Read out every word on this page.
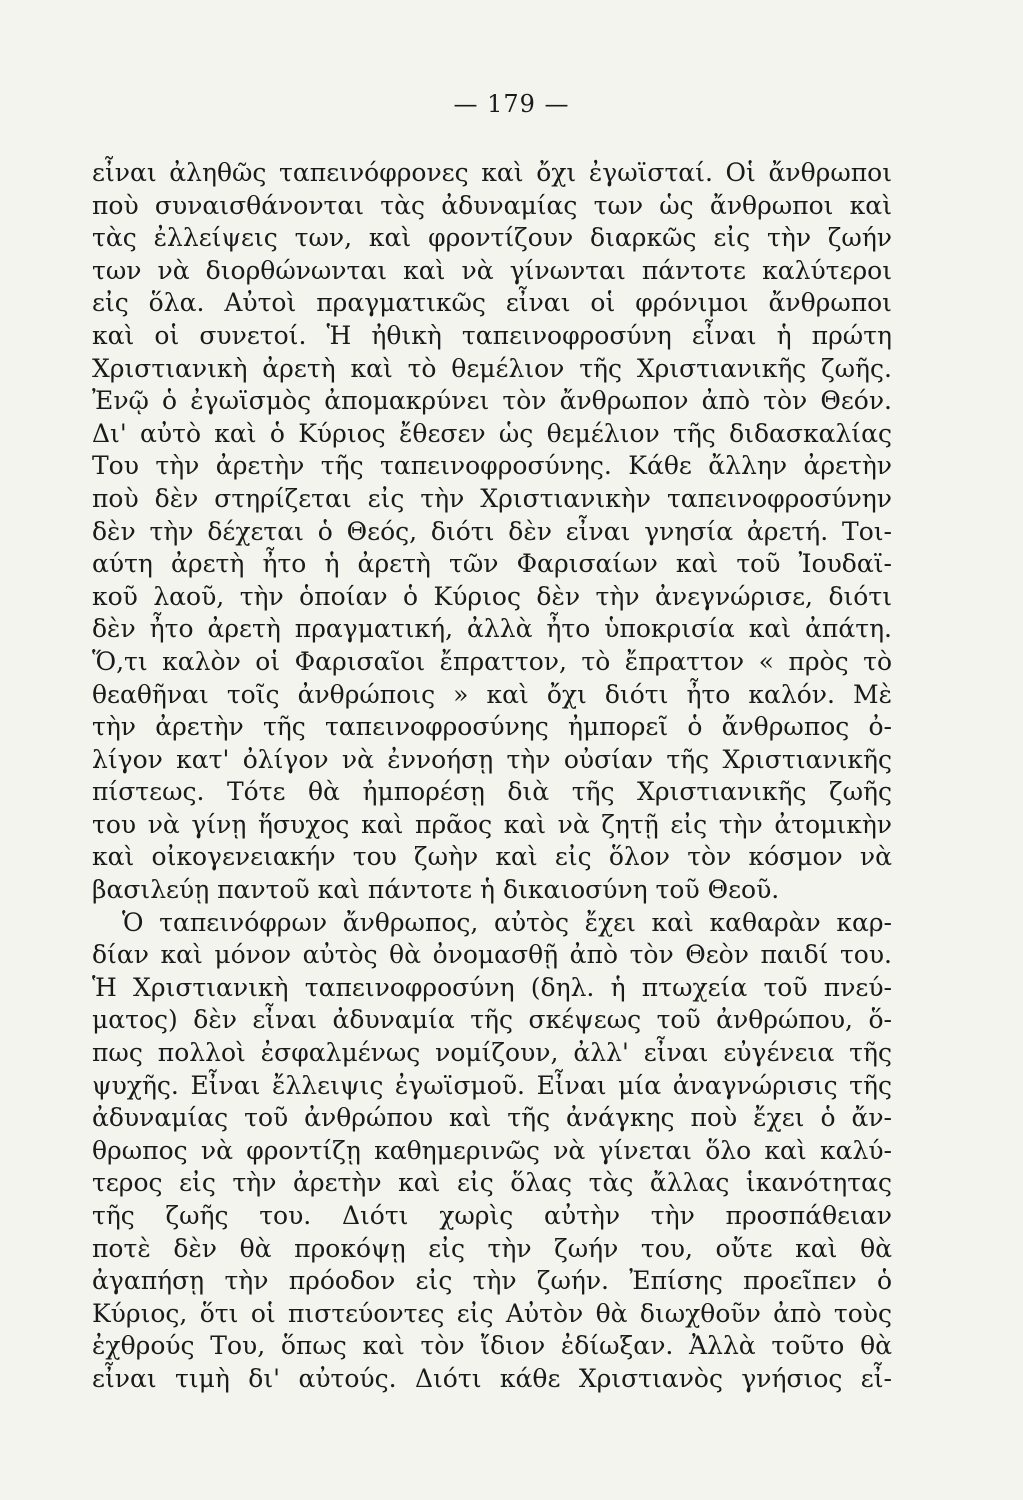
— 179 —
εἶναι ἀληθῶς ταπεινόφρονες καὶ ὄχι ἐγωϊσταί. Οἱ ἄνθρωποι
ποὺ συναισθάνονται τὰς ἀδυναμίας των ὡς ἄνθρωποι καὶ
τὰς ἐλλείψεις των, καὶ φροντίζουν διαρκῶς εἰς τὴν ζωήν
των νὰ διορθώνωνται καὶ νὰ γίνωνται πάντοτε καλύτεροι
εἰς ὅλα. Αὐτοὶ πραγματικῶς εἶναι οἱ φρόνιμοι ἄνθρωποι
καὶ οἱ συνετοί. Ἡ ἠθικὴ ταπεινοφροσύνη εἶναι ἡ πρώτη
Χριστιανικὴ ἀρετὴ καὶ τὸ θεμέλιον τῆς Χριστιανικῆς ζωῆς.
Ἐνῷ ὁ ἐγωϊσμὸς ἀπομακρύνει τὸν ἄνθρωπον ἀπὸ τὸν Θεόν.
Δι' αὐτὸ καὶ ὁ Κύριος ἔθεσεν ὡς θεμέλιον τῆς διδασκαλίας
Του τὴν ἀρετὴν τῆς ταπεινοφροσύνης. Κάθε ἄλλην ἀρετὴν
ποὺ δὲν στηρίζεται εἰς τὴν Χριστιανικὴν ταπεινοφροσύνην
δὲν τὴν δέχεται ὁ Θεός, διότι δὲν εἶναι γνησία ἀρετή. Τοι-
αύτη ἀρετὴ ἦτο ἡ ἀρετὴ τῶν Φαρισαίων καὶ τοῦ Ἰουδαϊ-
κοῦ λαοῦ, τὴν ὁποίαν ὁ Κύριος δὲν τὴν ἀνεγνώρισε, διότι
δὲν ἦτο ἀρετὴ πραγματική, ἀλλὰ ἦτο ὑποκρισία καὶ ἀπάτη.
Ὅ,τι καλὸν οἱ Φαρισαῖοι ἔπραττον, τὸ ἔπραττον « πρὸς τὸ
θεαθῆναι τοῖς ἀνθρώποις » καὶ ὄχι διότι ἦτο καλόν. Μὲ
τὴν ἀρετὴν τῆς ταπεινοφροσύνης ἠμπορεῖ ὁ ἄνθρωπος ὀ-
λίγον κατ' ὀλίγον νὰ ἐννοήσῃ τὴν οὐσίαν τῆς Χριστιανικῆς
πίστεως. Τότε θὰ ἠμπορέσῃ διὰ τῆς Χριστιανικῆς ζωῆς
του νὰ γίνῃ ἥσυχος καὶ πρᾶος καὶ νὰ ζητῇ εἰς τὴν ἀτομικὴν
καὶ οἰκογενειακήν του ζωὴν καὶ εἰς ὅλον τὸν κόσμον νὰ
βασιλεύῃ παντοῦ καὶ πάντοτε ἡ δικαιοσύνη τοῦ Θεοῦ.
Ὁ ταπεινόφρων ἄνθρωπος, αὐτὸς ἔχει καὶ καθαρὰν καρ-
δίαν καὶ μόνον αὐτὸς θὰ ὀνομασθῇ ἀπὸ τὸν Θεὸν παιδί του.
Ἡ Χριστιανικὴ ταπεινοφροσύνη (δηλ. ἡ πτωχεία τοῦ πνεύ-
ματος) δὲν εἶναι ἀδυναμία τῆς σκέψεως τοῦ ἀνθρώπου, ὅ-
πως πολλοὶ ἐσφαλμένως νομίζουν, ἀλλ' εἶναι εὐγένεια τῆς
ψυχῆς. Εἶναι ἔλλειψις ἐγωϊσμοῦ. Εἶναι μία ἀναγνώρισις τῆς
ἀδυναμίας τοῦ ἀνθρώπου καὶ τῆς ἀνάγκης ποὺ ἔχει ὁ ἄν-
θρωπος νὰ φροντίζῃ καθημερινῶς νὰ γίνεται ὅλο καὶ καλύ-
τερος εἰς τὴν ἀρετὴν καὶ εἰς ὅλας τὰς ἄλλας ἱκανότητας
τῆς ζωῆς του. Διότι χωρὶς αὐτὴν τὴν προσπάθειαν
ποτὲ δὲν θὰ προκόψῃ εἰς τὴν ζωήν του, οὔτε καὶ θὰ
ἀγαπήσῃ τὴν πρόοδον εἰς τὴν ζωήν. Ἐπίσης προεῖπεν ὁ
Κύριος, ὅτι οἱ πιστεύοντες εἰς Αὐτὸν θὰ διωχθοῦν ἀπὸ τοὺς
ἐχθρούς Του, ὅπως καὶ τὸν ἴδιον ἐδίωξαν. Ἀλλὰ τοῦτο θὰ
εἶναι τιμὴ δι' αὐτούς. Διότι κάθε Χριστιανὸς γνήσιος εἶ-
